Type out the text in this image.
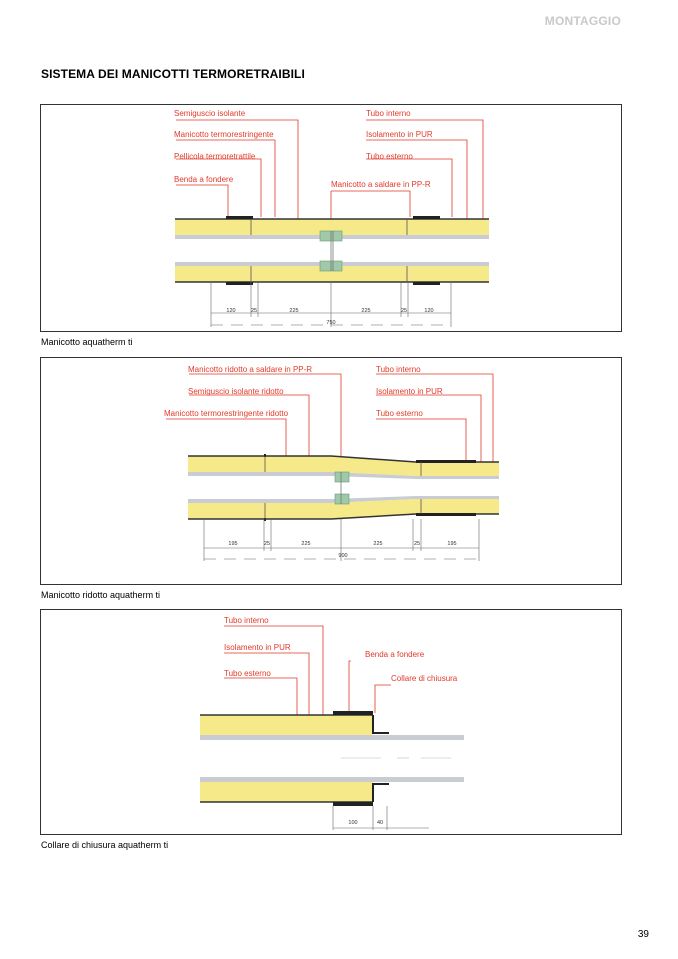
MONTAGGIO
SISTEMA DEI MANICOTTI TERMORETRAIBILI
Semiguscio isolante
Manicotto termorestringente
Pellicola termoretrattile
Benda a fondere
Tubo interno
Isolamento in PUR
Tubo esterno
Manicotto a saldare in PP-R
120	25	225	225	25	120
750
Manicotto aquatherm ti
Manicotto ridotto a saldare in PP-R
Semiguscio isolante ridotto
Manicotto termorestringente ridotto
Tubo interno
Isolamento in PUR
Tubo esterno
195	25	225	225	25	195
900
Manicotto ridotto aquatherm ti
Tubo interno
Isolamento in PUR
Tubo esterno
Benda a fondere
Collare di chiusura
100	40
Collare di chiusura aquatherm ti
39
